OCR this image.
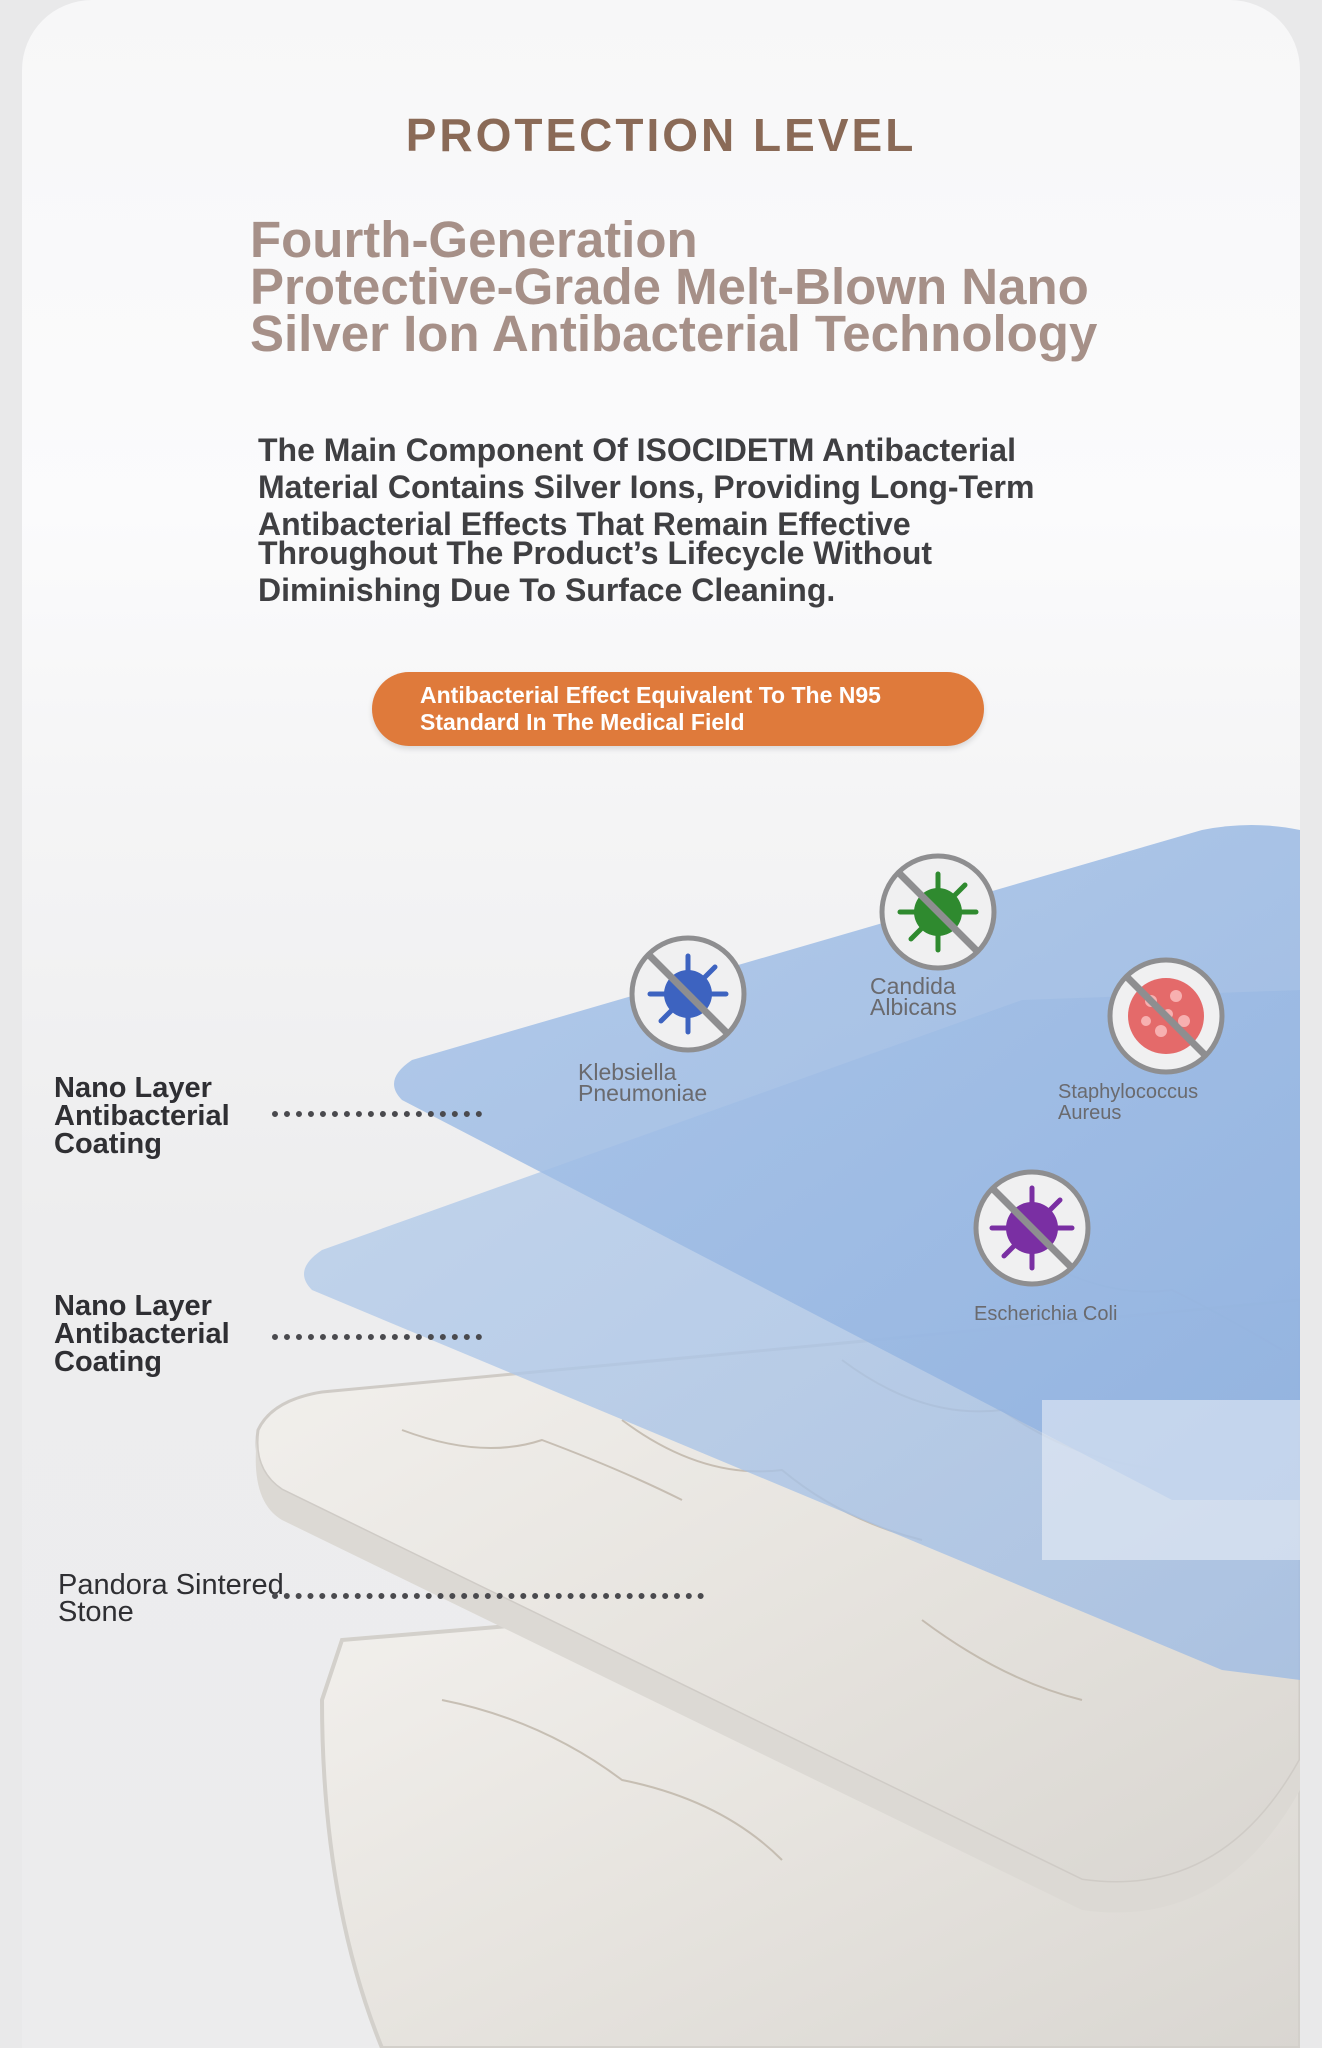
PROTECTION LEVEL
Fourth-Generation
Protective-Grade Melt-Blown Nano
Silver Ion Antibacterial Technology
The Main Component Of ISOCIDETM Antibacterial
Material Contains Silver Ions, Providing Long-Term
Antibacterial Effects That Remain Effective
Throughout The Product’s Lifecycle Without
Diminishing Due To Surface Cleaning.
Antibacterial Effect Equivalent To The N95
Standard In The Medical Field
Klebsiella
Pneumoniae
Candida
Albicans
Staphylococcus
Aureus
Escherichia Coli
Nano Layer
Antibacterial
Coating
Nano Layer
Antibacterial
Coating
Pandora Sintered
Stone
